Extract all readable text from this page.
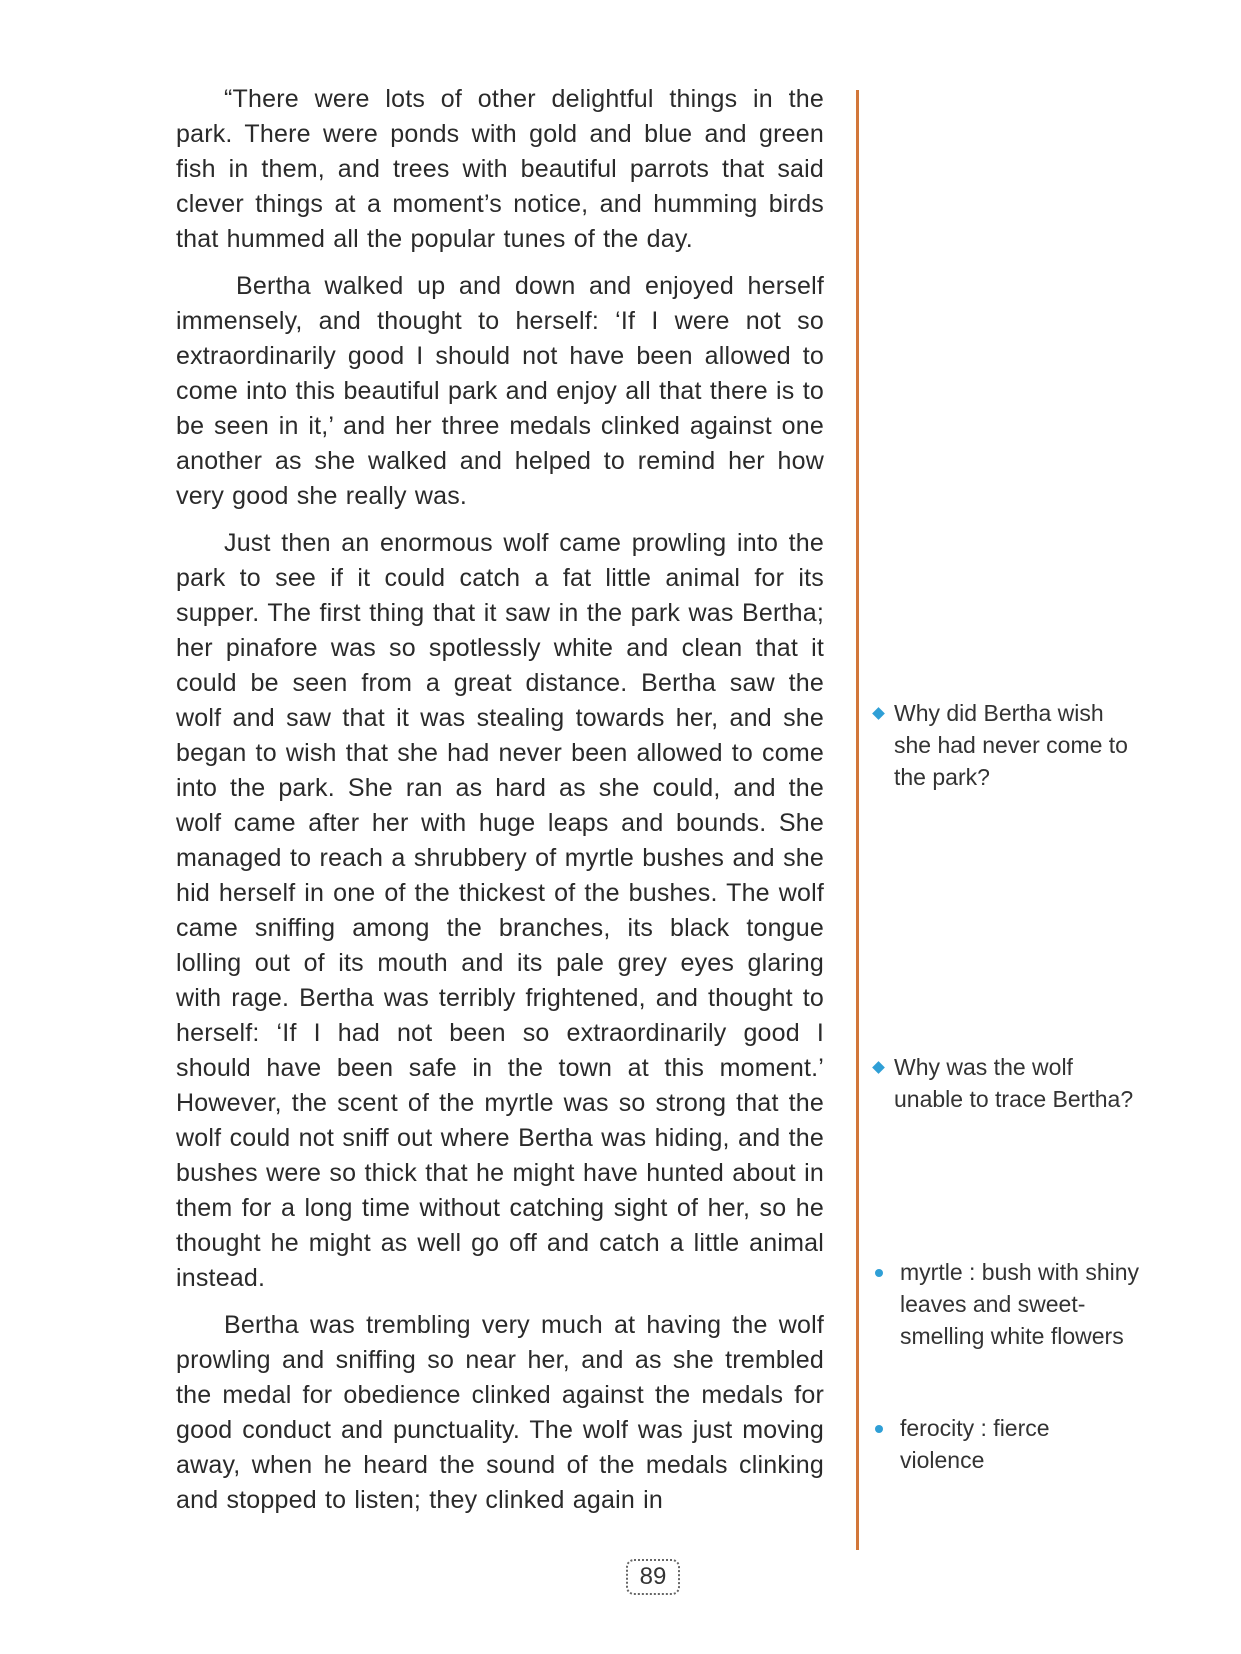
“There were lots of other delightful things in the park. There were ponds with gold and blue and green fish in them, and trees with beautiful parrots that said clever things at a moment’s notice, and humming birds that hummed all the popular tunes of the day.

Bertha walked up and down and enjoyed herself immensely, and thought to herself: ‘If I were not so extraordinarily good I should not have been allowed to come into this beautiful park and enjoy all that there is to be seen in it,’ and her three medals clinked against one another as she walked and helped to remind her how very good she really was.

Just then an enormous wolf came prowling into the park to see if it could catch a fat little animal for its supper. The first thing that it saw in the park was Bertha; her pinafore was so spotlessly white and clean that it could be seen from a great distance. Bertha saw the wolf and saw that it was stealing towards her, and she began to wish that she had never been allowed to come into the park. She ran as hard as she could, and the wolf came after her with huge leaps and bounds. She managed to reach a shrubbery of myrtle bushes and she hid herself in one of the thickest of the bushes. The wolf came sniffing among the branches, its black tongue lolling out of its mouth and its pale grey eyes glaring with rage. Bertha was terribly frightened, and thought to herself: ‘If I had not been so extraordinarily good I should have been safe in the town at this moment.’ However, the scent of the myrtle was so strong that the wolf could not sniff out where Bertha was hiding, and the bushes were so thick that he might have hunted about in them for a long time without catching sight of her, so he thought he might as well go off and catch a little animal instead.

Bertha was trembling very much at having the wolf prowling and sniffing so near her, and as she trembled the medal for obedience clinked against the medals for good conduct and punctuality. The wolf was just moving away, when he heard the sound of the medals clinking and stopped to listen; they clinked again in

Why did Bertha wish she had never come to the park?
Why was the wolf unable to trace Bertha?
myrtle : bush with shiny leaves and sweet-smelling white flowers
ferocity : fierce violence
89
